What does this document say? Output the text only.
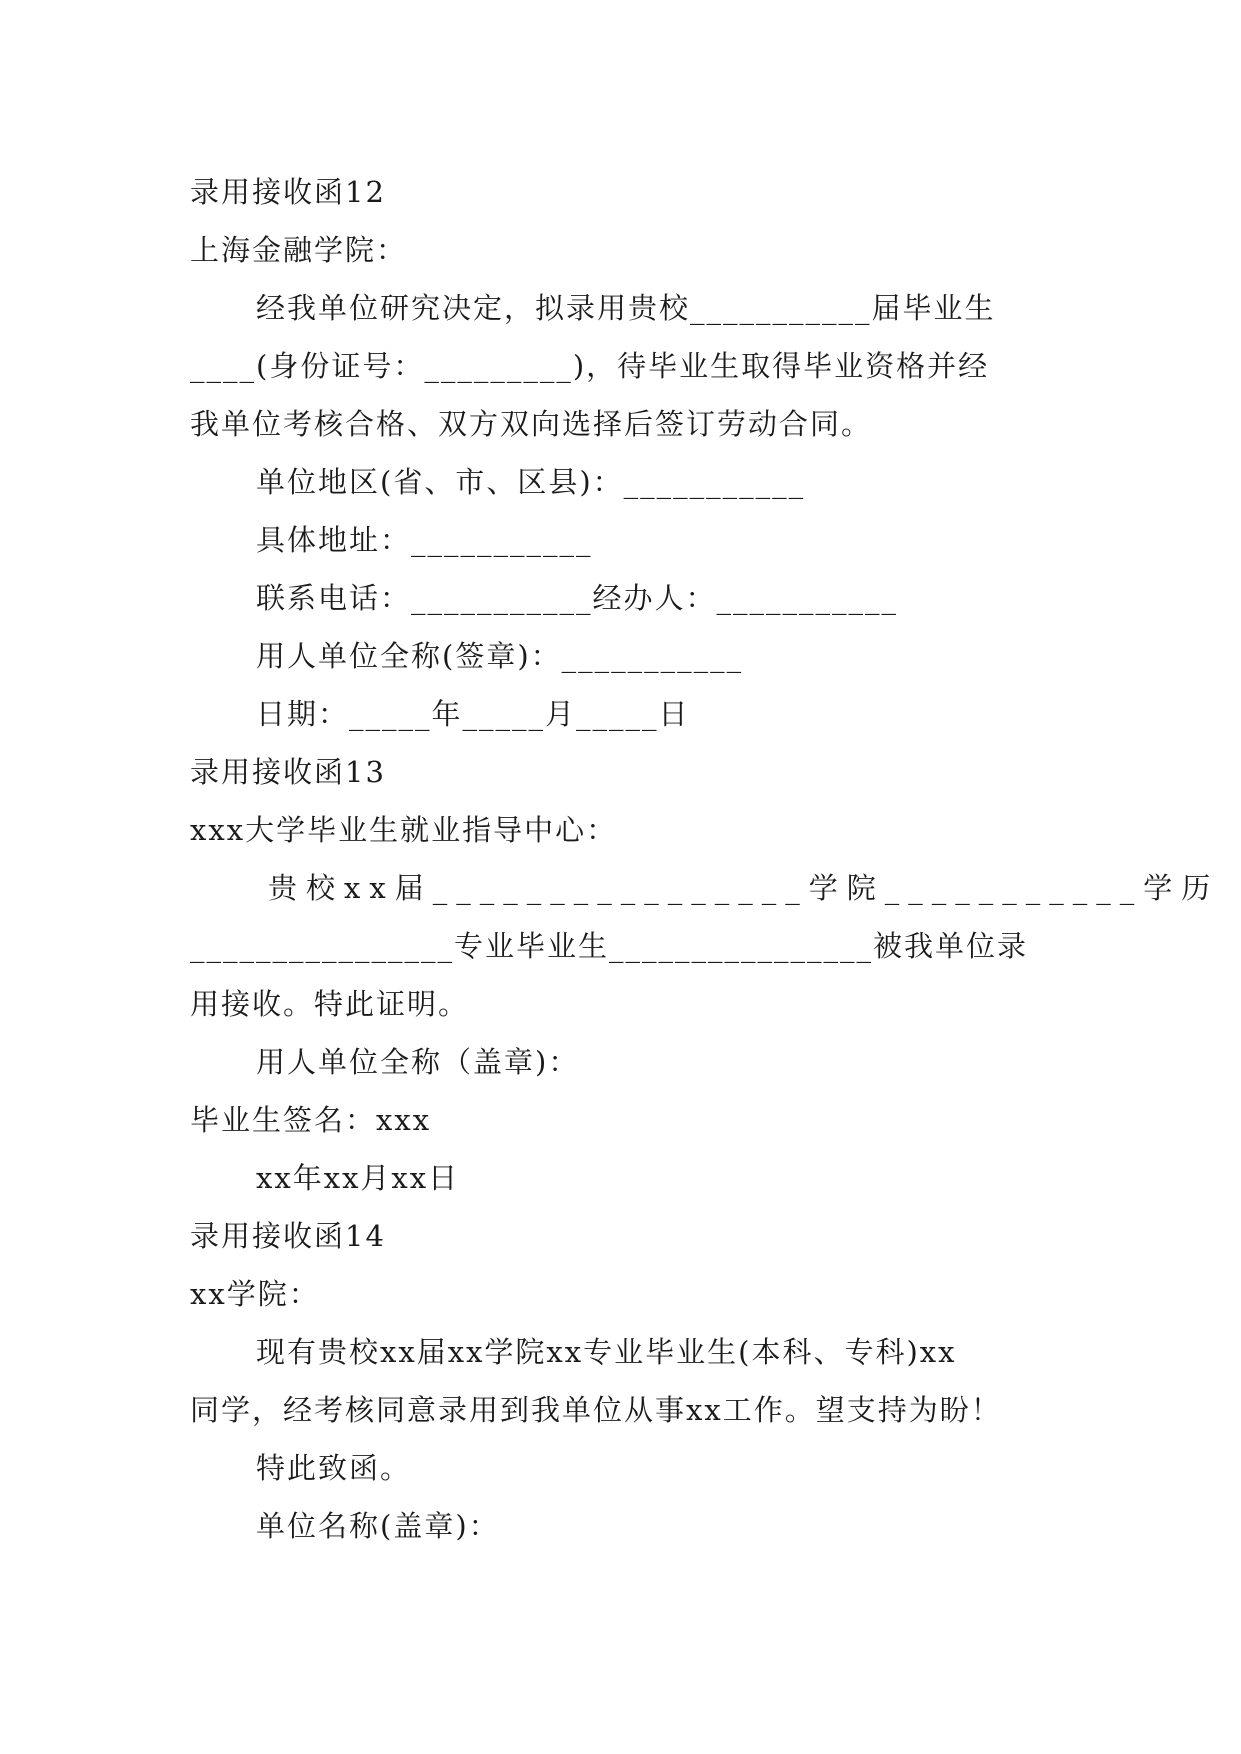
录用接收函12
上海金融学院：
经我单位研究决定，拟录用贵校___________届毕业生
____(身份证号：_________)，待毕业生取得毕业资格并经
我单位考核合格、双方双向选择后签订劳动合同。
单位地区(省、市、区县)：___________
具体地址：___________
联系电话：___________经办人：___________
用人单位全称(签章)：___________
日期：_____年_____月_____日
录用接收函13
xxx大学毕业生就业指导中心：
贵校xx届________________学院___________学历
________________专业毕业生________________被我单位录
用接收。特此证明。
用人单位全称（盖章)：
毕业生签名：xxx
xx年xx月xx日
录用接收函14
xx学院：
现有贵校xx届xx学院xx专业毕业生(本科、专科)xx
同学，经考核同意录用到我单位从事xx工作。望支持为盼！
特此致函。
单位名称(盖章)：
